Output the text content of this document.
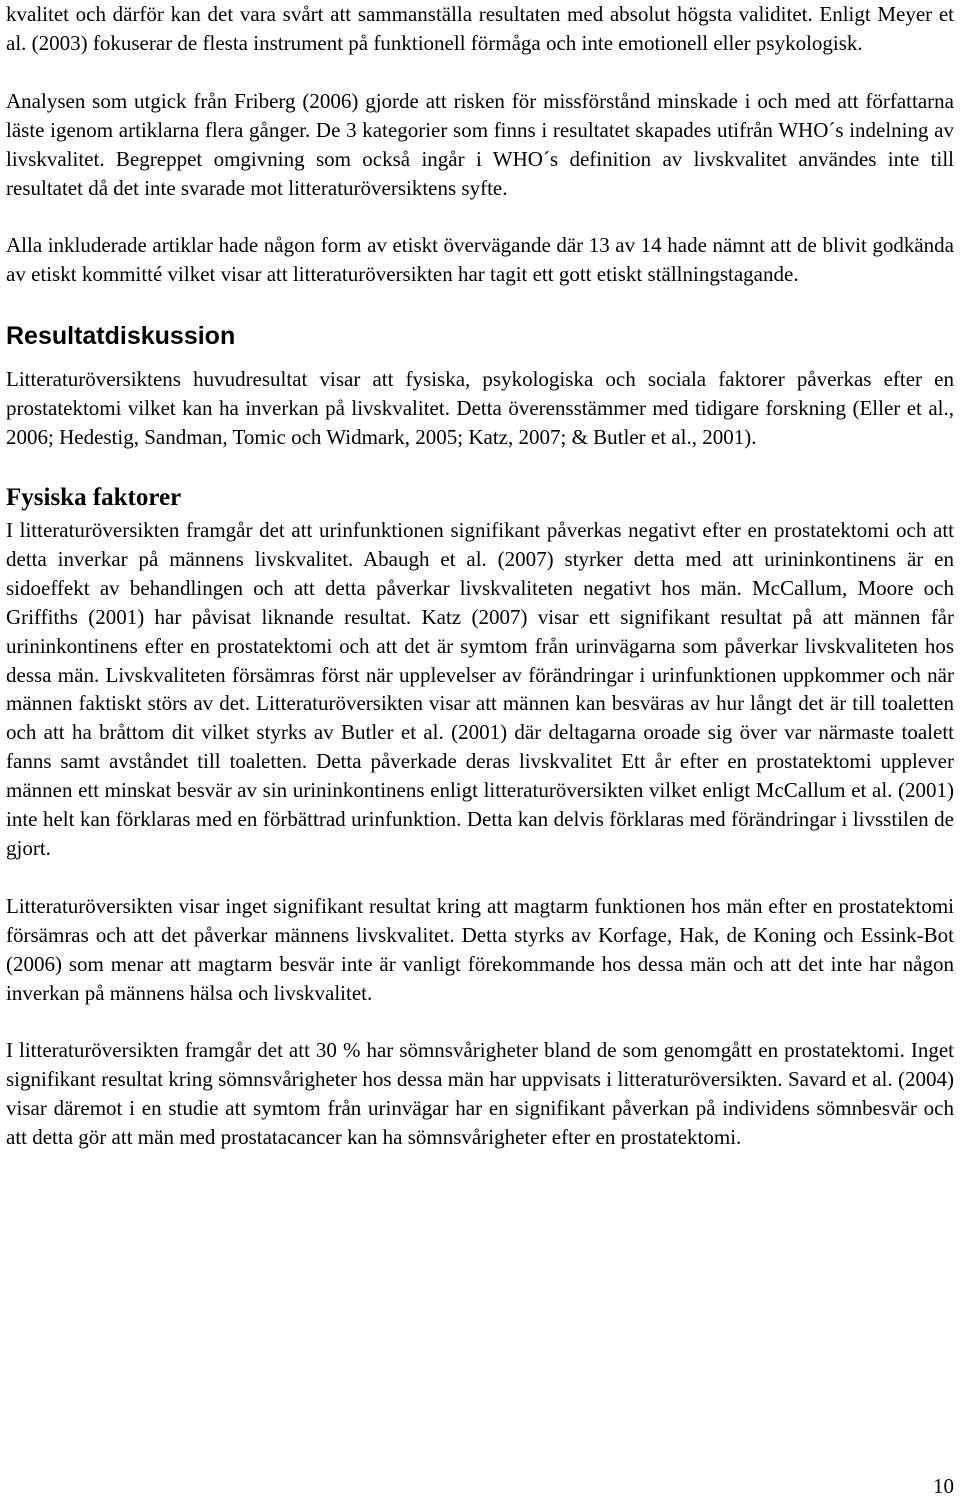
kvalitet och därför kan det vara svårt att sammanställa resultaten med absolut högsta validitet. Enligt Meyer et al. (2003) fokuserar de flesta instrument på funktionell förmåga och inte emotionell eller psykologisk.

Analysen som utgick från Friberg (2006) gjorde att risken för missförstånd minskade i och med att författarna läste igenom artiklarna flera gånger. De 3 kategorier som finns i resultatet skapades utifrån WHO´s indelning av livskvalitet. Begreppet omgivning som också ingår i WHO´s definition av livskvalitet användes inte till resultatet då det inte svarade mot litteraturöversiktens syfte.

Alla inkluderade artiklar hade någon form av etiskt övervägande där 13 av 14 hade nämnt att de blivit godkända av etiskt kommitté vilket visar att litteraturöversikten har tagit ett gott etiskt ställningstagande.

Resultatdiskussion

Litteraturöversiktens huvudresultat visar att fysiska, psykologiska och sociala faktorer påverkas efter en prostatektomi vilket kan ha inverkan på livskvalitet. Detta överensstämmer med tidigare forskning (Eller et al., 2006; Hedestig, Sandman, Tomic och Widmark, 2005; Katz, 2007; & Butler et al., 2001).

Fysiska faktorer

I litteraturöversikten framgår det att urinfunktionen signifikant påverkas negativt efter en prostatektomi och att detta inverkar på männens livskvalitet. Abaugh et al. (2007) styrker detta med att urininkontinens är en sidoeffekt av behandlingen och att detta påverkar livskvaliteten negativt hos män. McCallum, Moore och Griffiths (2001) har påvisat liknande resultat. Katz (2007) visar ett signifikant resultat på att männen får urininkontinens efter en prostatektomi och att det är symtom från urinvägarna som påverkar livskvaliteten hos dessa män. Livskvaliteten försämras först när upplevelser av förändringar i urinfunktionen uppkommer och när männen faktiskt störs av det. Litteraturöversikten visar att männen kan besväras av hur långt det är till toaletten och att ha bråttom dit vilket styrks av Butler et al. (2001) där deltagarna oroade sig över var närmaste toalett fanns samt avståndet till toaletten. Detta påverkade deras livskvalitet Ett år efter en prostatektomi upplever männen ett minskat besvär av sin urininkontinens enligt litteraturöversikten vilket enligt McCallum et al. (2001) inte helt kan förklaras med en förbättrad urinfunktion. Detta kan delvis förklaras med förändringar i livsstilen de gjort.

Litteraturöversikten visar inget signifikant resultat kring att magtarm funktionen hos män efter en prostatektomi försämras och att det påverkar männens livskvalitet. Detta styrks av Korfage, Hak, de Koning och Essink-Bot (2006) som menar att magtarm besvär inte är vanligt förekommande hos dessa män och att det inte har någon inverkan på männens hälsa och livskvalitet.

I litteraturöversikten framgår det att 30 % har sömnsvårigheter bland de som genomgått en prostatektomi. Inget signifikant resultat kring sömnsvårigheter hos dessa män har uppvisats i litteraturöversikten. Savard et al. (2004) visar däremot i en studie att symtom från urinvägar har en signifikant påverkan på individens sömnbesvär och att detta gör att män med prostatacancer kan ha sömnsvårigheter efter en prostatektomi.

10
